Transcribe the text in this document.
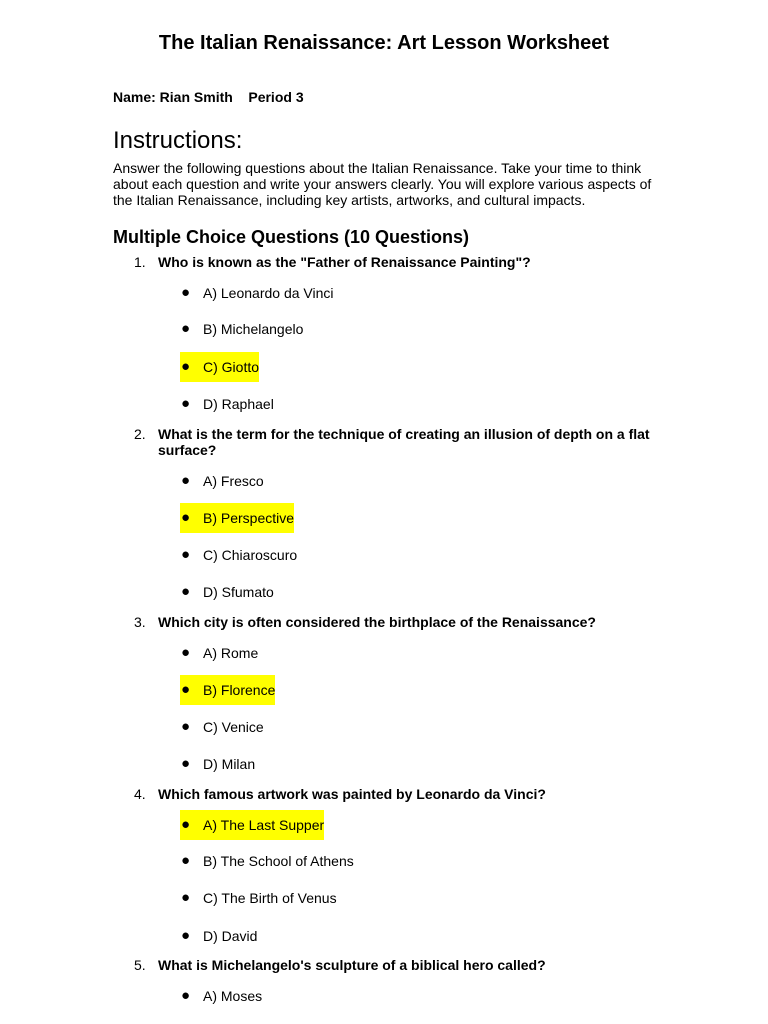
The Italian Renaissance: Art Lesson Worksheet
Name: Rian Smith    Period 3
Instructions:
Answer the following questions about the Italian Renaissance. Take your time to think about each question and write your answers clearly. You will explore various aspects of the Italian Renaissance, including key artists, artworks, and cultural impacts.
Multiple Choice Questions (10 Questions)
1. Who is known as the "Father of Renaissance Painting"?
● A) Leonardo da Vinci
● B) Michelangelo
● C) Giotto
● D) Raphael
2. What is the term for the technique of creating an illusion of depth on a flat surface?
● A) Fresco
● B) Perspective
● C) Chiaroscuro
● D) Sfumato
3. Which city is often considered the birthplace of the Renaissance?
● A) Rome
● B) Florence
● C) Venice
● D) Milan
4. Which famous artwork was painted by Leonardo da Vinci?
● A) The Last Supper
● B) The School of Athens
● C) The Birth of Venus
● D) David
5. What is Michelangelo's sculpture of a biblical hero called?
● A) Moses
